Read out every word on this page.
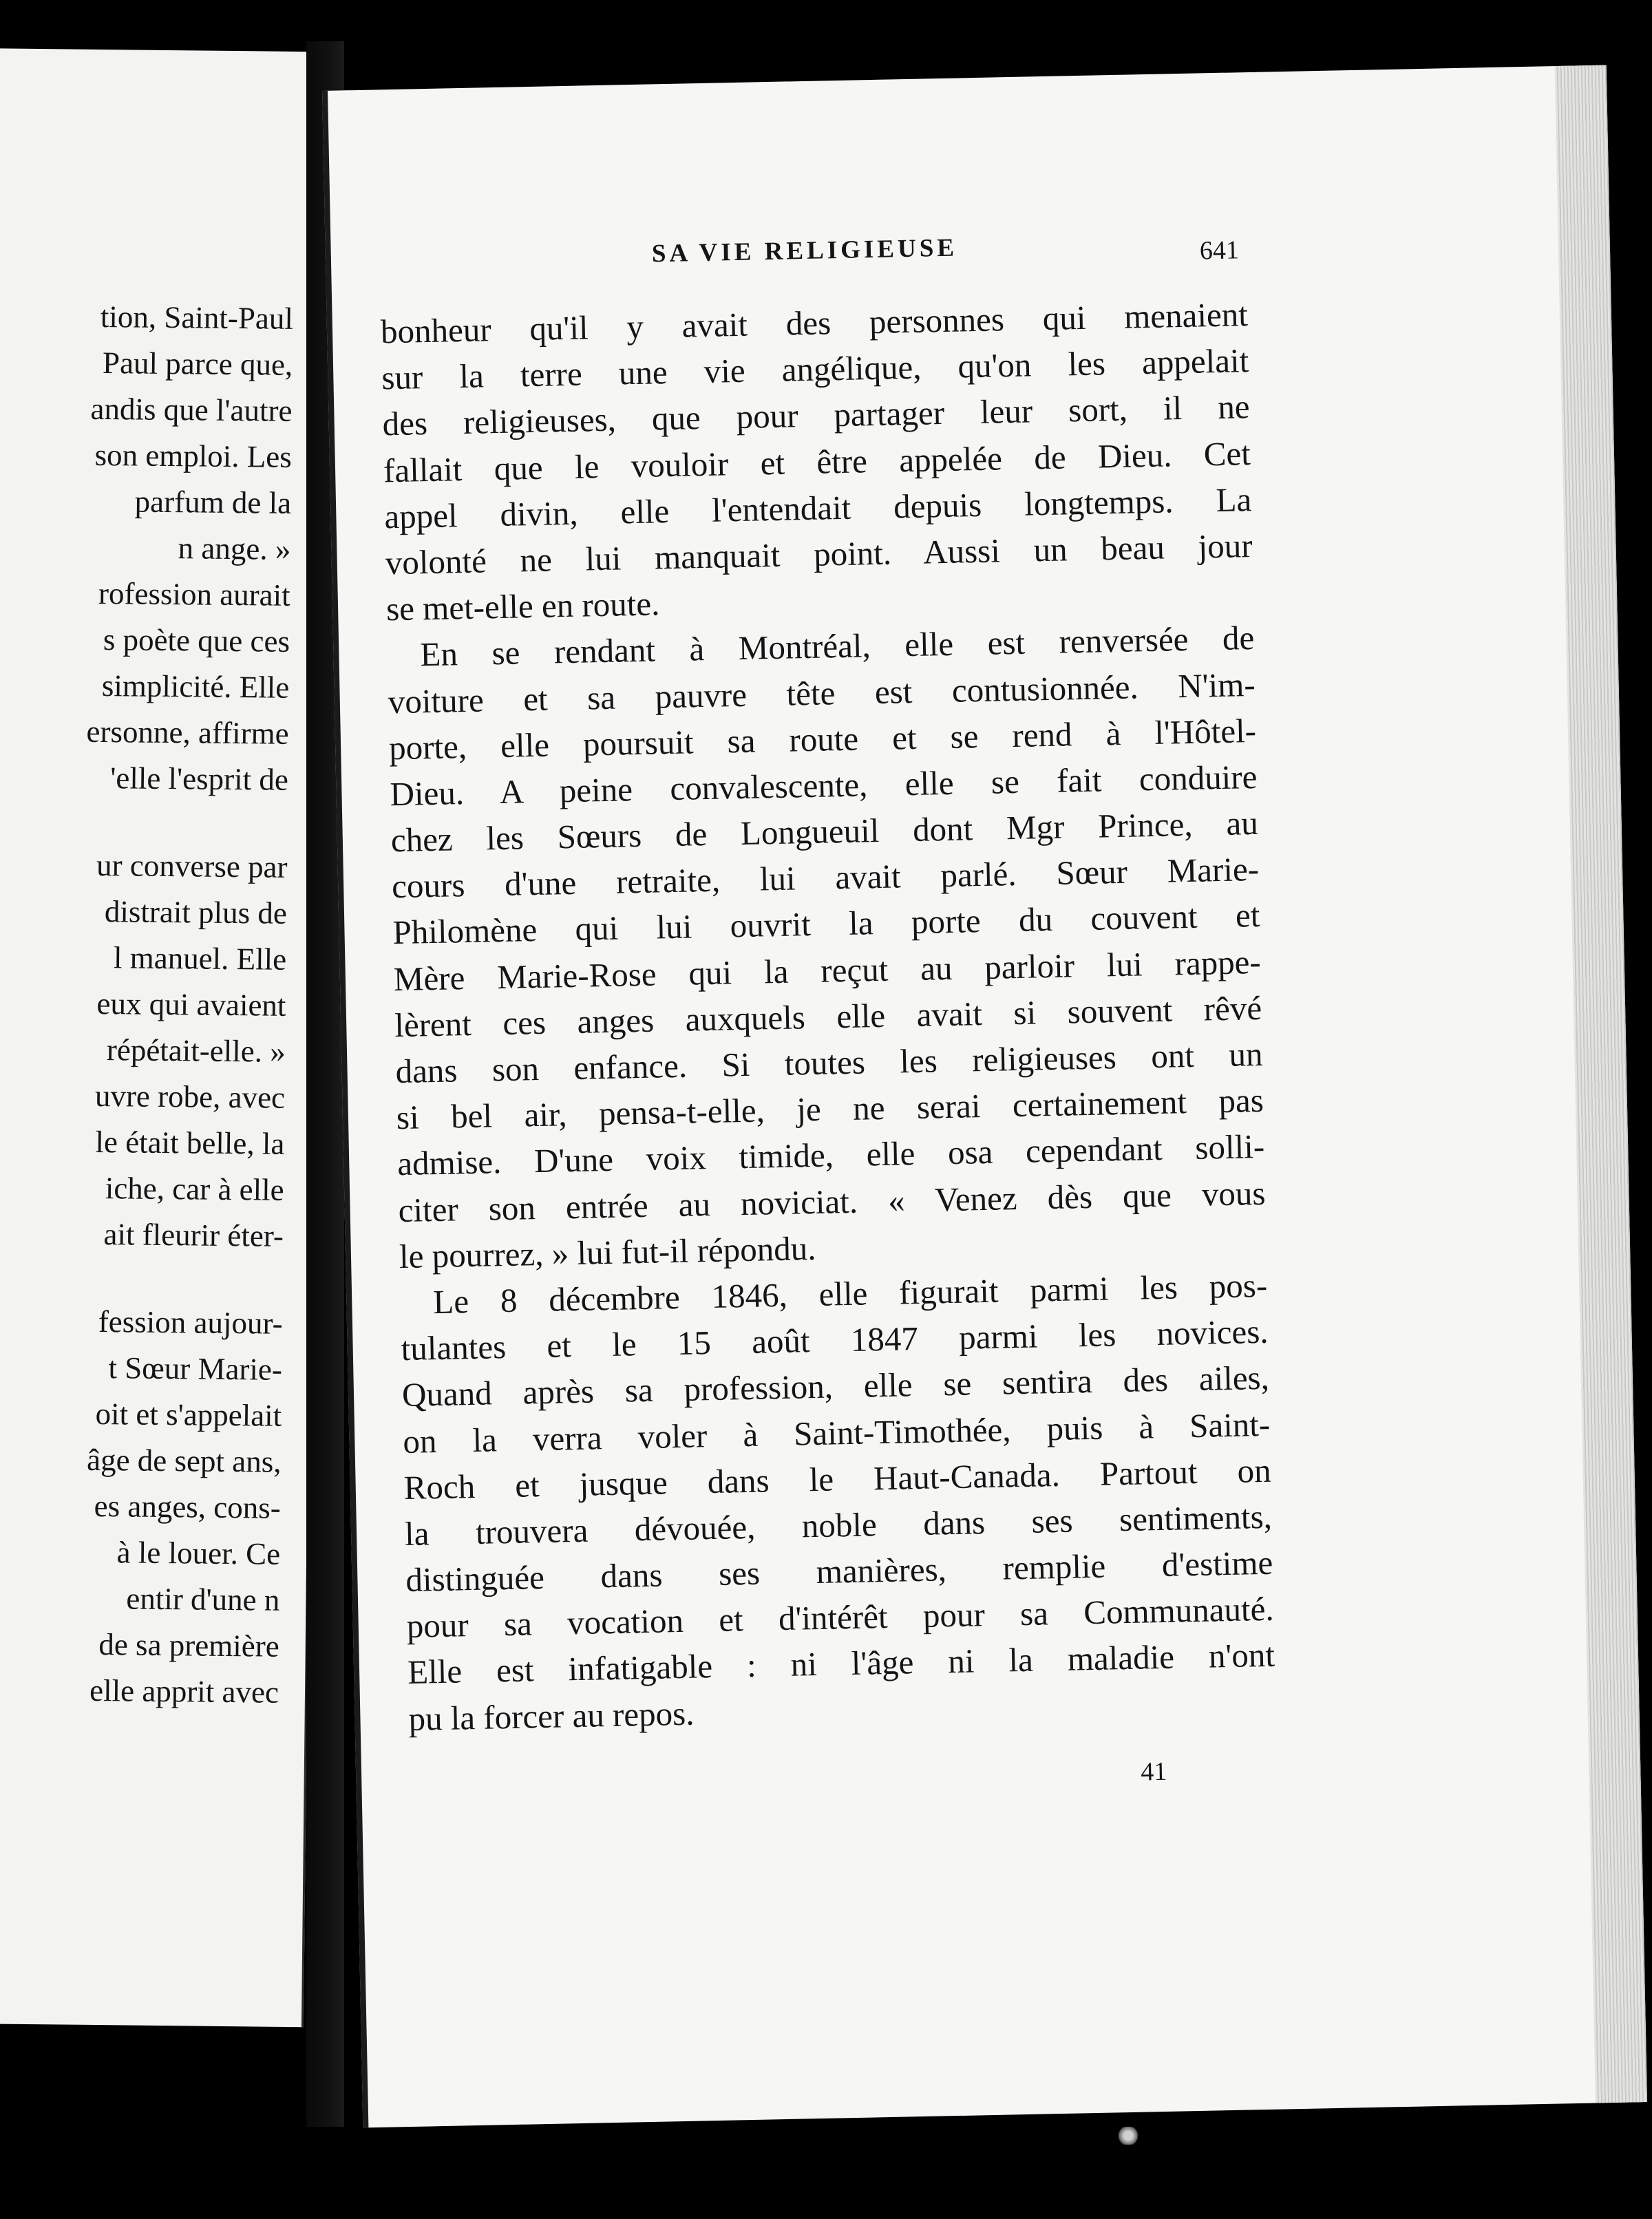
tion, Saint-Paul
Paul parce que,
andis que l'autre
son emploi. Les
parfum de la
n ange. »
rofession aurait
s poète que ces
simplicité. Elle
ersonne, affirme
'elle l'esprit de
ur converse par
distrait plus de
l manuel. Elle
eux qui avaient
répétait-elle. »
uvre robe, avec
le était belle, la
iche, car à elle
ait fleurir éter-
fession aujour-
t Sœur Marie-
oit et s'appelait
âge de sept ans,
es anges, cons-
à le louer. Ce
entir d'une n
de sa première
elle apprit avec
SA VIE RELIGIEUSE	641
bonheur qu'il y avait des personnes qui menaient
sur la terre une vie angélique, qu'on les appelait
des religieuses, que pour partager leur sort, il ne
fallait que le vouloir et être appelée de Dieu. Cet
appel divin, elle l'entendait depuis longtemps. La
volonté ne lui manquait point. Aussi un beau jour
se met-elle en route.
En se rendant à Montréal, elle est renversée de
voiture et sa pauvre tête est contusionnée. N'im-
porte, elle poursuit sa route et se rend à l'Hôtel-
Dieu. A peine convalescente, elle se fait conduire
chez les Sœurs de Longueuil dont Mgr Prince, au
cours d'une retraite, lui avait parlé. Sœur Marie-
Philomène qui lui ouvrit la porte du couvent et
Mère Marie-Rose qui la reçut au parloir lui rappe-
lèrent ces anges auxquels elle avait si souvent rêvé
dans son enfance. Si toutes les religieuses ont un
si bel air, pensa-t-elle, je ne serai certainement pas
admise. D'une voix timide, elle osa cependant solli-
citer son entrée au noviciat. « Venez dès que vous
le pourrez, » lui fut-il répondu.
Le 8 décembre 1846, elle figurait parmi les pos-
tulantes et le 15 août 1847 parmi les novices.
Quand après sa profession, elle se sentira des ailes,
on la verra voler à Saint-Timothée, puis à Saint-
Roch et jusque dans le Haut-Canada. Partout on
la trouvera dévouée, noble dans ses sentiments,
distinguée dans ses manières, remplie d'estime
pour sa vocation et d'intérêt pour sa Communauté.
Elle est infatigable : ni l'âge ni la maladie n'ont
pu la forcer au repos.
41
